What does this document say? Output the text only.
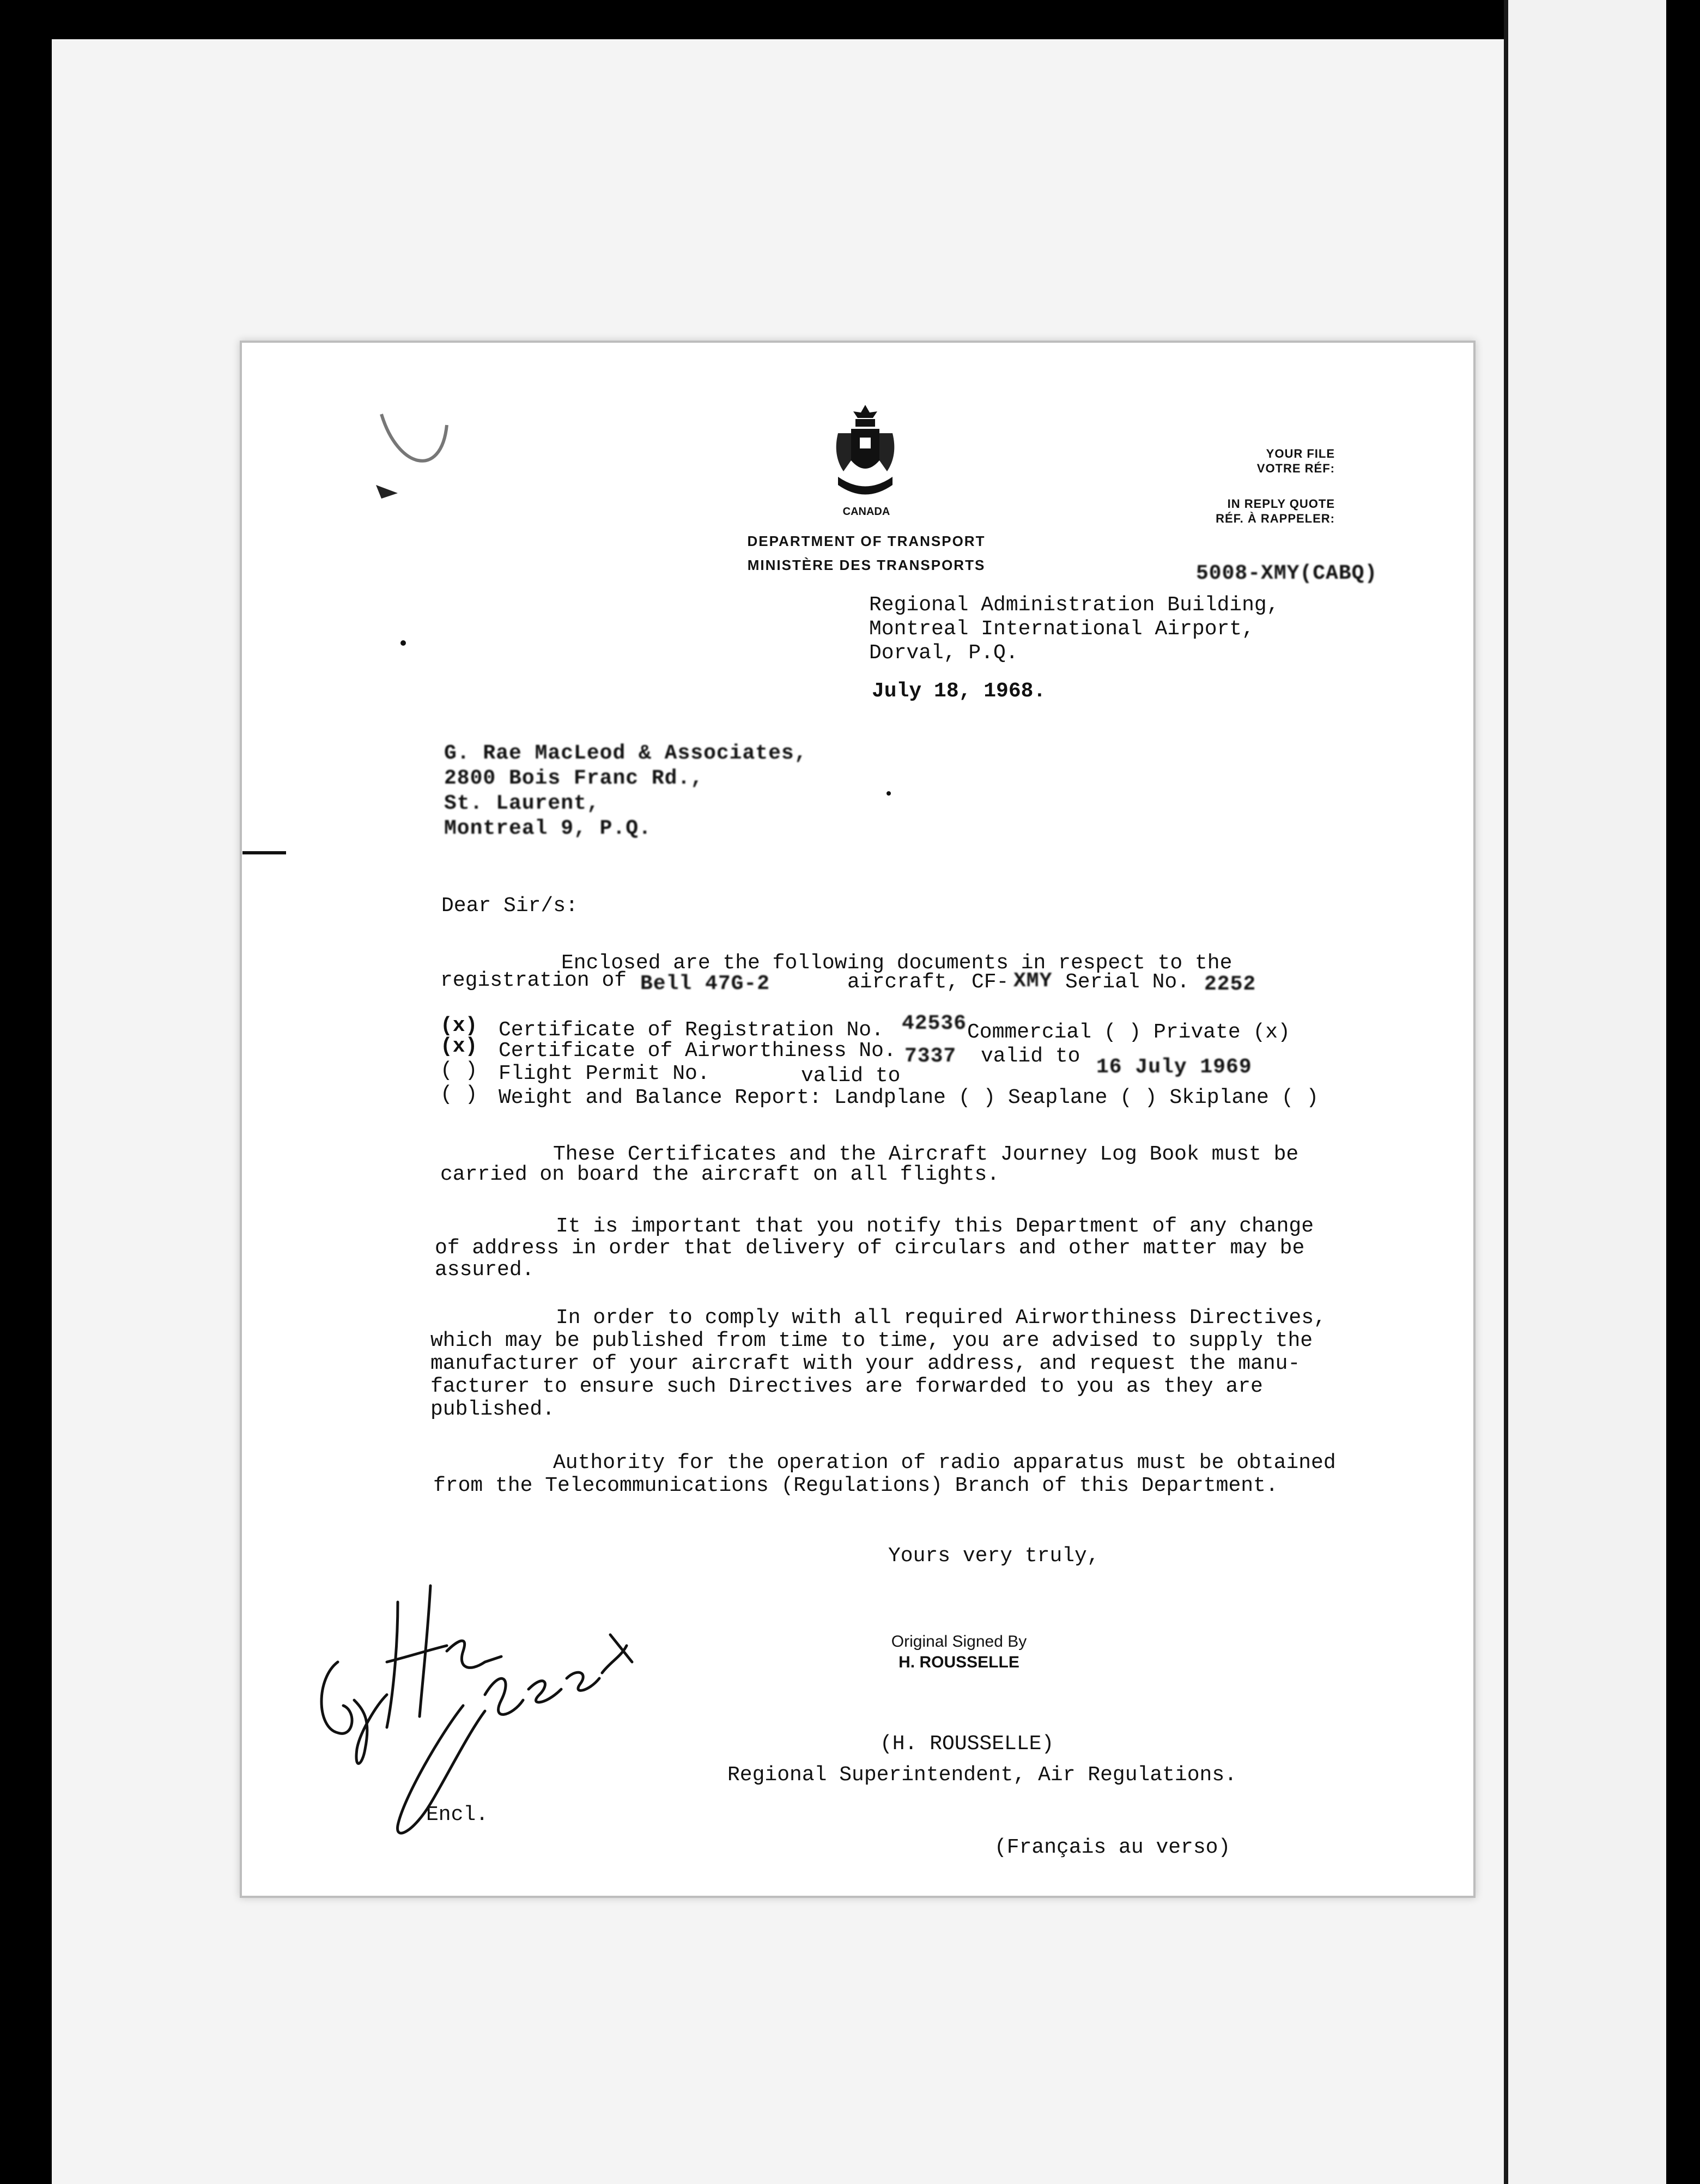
CANADA
DEPARTMENT OF TRANSPORT
MINISTÈRE DES TRANSPORTS
YOUR FILE
VOTRE RÉF:
IN REPLY QUOTE
RÉF. À RAPPELER:
5008-XMY(CABQ)
Regional Administration Building,
Montreal International Airport,
Dorval, P.Q.
July 18, 1968.
G. Rae MacLeod & Associates,
2800 Bois Franc Rd.,
St. Laurent,
Montreal 9, P.Q.
Dear Sir/s:
Enclosed are the following documents in respect to the
registration of Bell 47G-2	aircraft, CF- XMY Serial No. 2252
(x) Certificate of Registration No. 42536 Commercial ( ) Private (x)
(x) Certificate of Airworthiness No. 7337 valid to 16 July 1969
( ) Flight Permit No.	valid to
( ) Weight and Balance Report: Landplane ( ) Seaplane ( ) Skiplane ( )
These Certificates and the Aircraft Journey Log Book must be
carried on board the aircraft on all flights.
It is important that you notify this Department of any change
of address in order that delivery of circulars and other matter may be
assured.
In order to comply with all required Airworthiness Directives,
which may be published from time to time, you are advised to supply the
manufacturer of your aircraft with your address, and request the manu-
facturer to ensure such Directives are forwarded to you as they are
published.
Authority for the operation of radio apparatus must be obtained
from the Telecommunications (Regulations) Branch of this Department.
Yours very truly,
Original Signed By
H. ROUSSELLE
(H. ROUSSELLE)
Regional Superintendent, Air Regulations.
Encl.
(Français au verso)
